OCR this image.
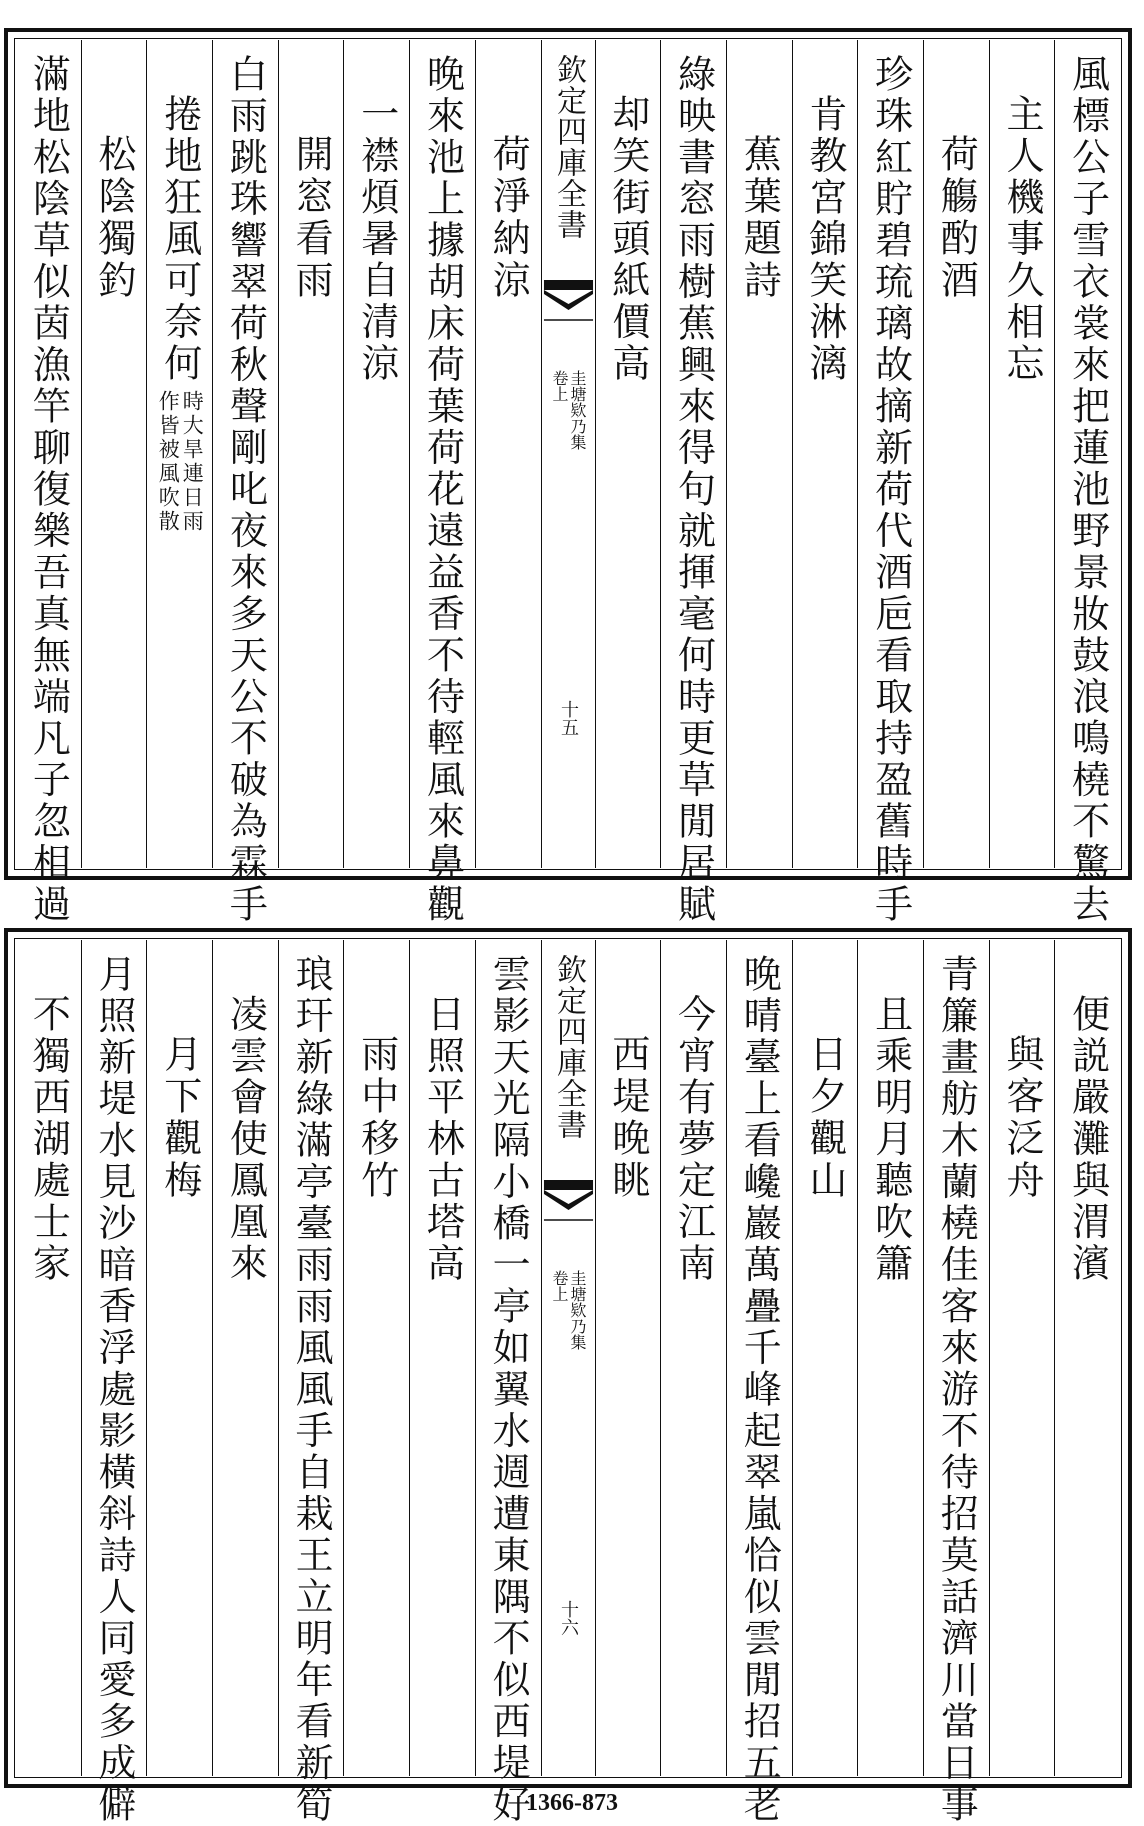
風標公子雪衣裳來把蓮池野景妝鼓浪鳴橈不驚去
主人機事久相忘
荷觴酌酒
珍珠紅貯碧琉璃故摘新荷代酒巵看取持盈舊時手
肯教宮錦笑淋漓
蕉葉題詩
綠映書窓雨樹蕉興來得句就揮毫何時更草閒居賦
却笑街頭紙價高
欽定四庫全書
圭塘欵乃集
卷上
十五
荷淨納涼
晚來池上據胡床荷葉荷花遠益香不待輕風來鼻觀
一襟煩暑自清涼
開窓看雨
白雨跳珠響翠荷秋聲剛叱夜來多天公不破為霖手
捲地狂風可奈何
時大旱連日雨
作皆被風吹散
松陰獨釣
滿地松陰草似茵漁竿聊復樂吾真無端凡子忽相過
便説嚴灘與渭濱
與客泛舟
青簾畫舫木蘭橈佳客來游不待招莫話濟川當日事
且乘明月聽吹簫
日夕觀山
晚晴臺上看巉巖萬疊千峰起翠嵐恰似雲閒招五老
今宵有夢定江南
西堤晚眺
欽定四庫全書
圭塘欵乃集
卷上
十六
雲影天光隔小橋一亭如翼水週遭東隅不似西堤好
日照平林古塔高
雨中移竹
琅玕新綠滿亭臺雨雨風風手自栽王立明年看新筍
凌雲會使鳳凰來
月下觀梅
月照新堤水見沙暗香浮處影橫斜詩人同愛多成僻
不獨西湖處士家
1366-873
